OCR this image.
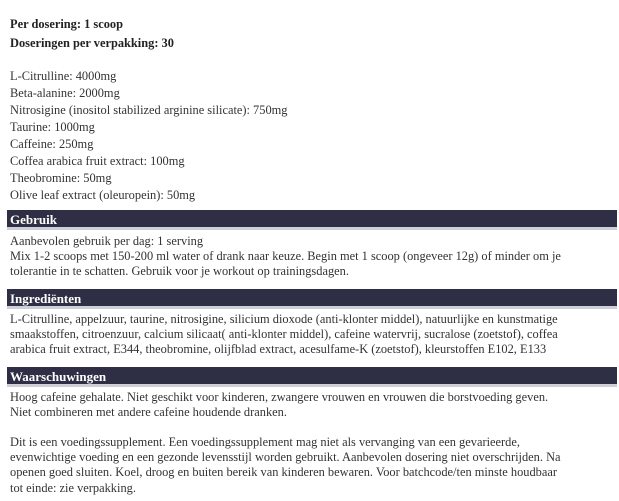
Per dosering: 1 scoop
Doseringen per verpakking: 30
L-Citrulline: 4000mg
Beta-alanine: 2000mg
Nitrosigine (inositol stabilized arginine silicate): 750mg
Taurine: 1000mg
Caffeine: 250mg
Coffea arabica fruit extract: 100mg
Theobromine: 50mg
Olive leaf extract (oleuropein): 50mg
Gebruik
Aanbevolen gebruik per dag: 1 serving
Mix 1-2 scoops met 150-200 ml water of drank naar keuze. Begin met 1 scoop (ongeveer 12g) of minder om je
tolerantie in te schatten. Gebruik voor je workout op trainingsdagen.
Ingrediënten
L-Citrulline, appelzuur, taurine, nitrosigine, silicium dioxode (anti-klonter middel), natuurlijke en kunstmatige
smaakstoffen, citroenzuur, calcium silicaat( anti-klonter middel), cafeine watervrij, sucralose (zoetstof), coffea
arabica fruit extract, E344, theobromine, olijfblad extract, acesulfame-K (zoetstof), kleurstoffen E102, E133
Waarschuwingen
Hoog cafeine gehalate. Niet geschikt voor kinderen, zwangere vrouwen en vrouwen die borstvoeding geven.
Niet combineren met andere cafeine houdende dranken.
Dit is een voedingssupplement. Een voedingssupplement mag niet als vervanging van een gevarieerde,
evenwichtige voeding en een gezonde levensstijl worden gebruikt. Aanbevolen dosering niet overschrijden. Na
openen goed sluiten. Koel, droog en buiten bereik van kinderen bewaren. Voor batchcode/ten minste houdbaar
tot einde: zie verpakking.
